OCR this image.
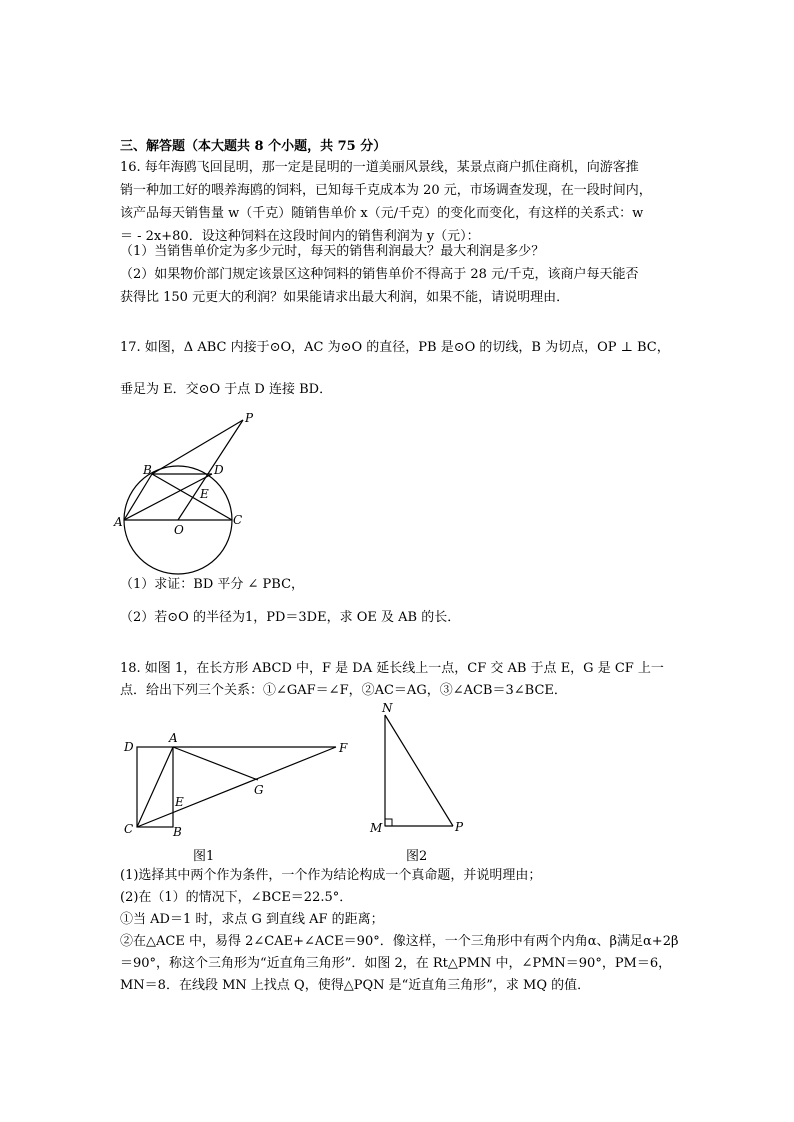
三、解答题（本大题共 8 个小题，共 75 分）
16. 每年海鸥飞回昆明，那一定是昆明的一道美丽风景线，某景点商户抓住商机，向游客推
销一种加工好的喂养海鸥的饲料，已知每千克成本为 20 元，市场调查发现，在一段时间内，
该产品每天销售量 w（千克）随销售单价 x（元/千克）的变化而变化，有这样的关系式：w
＝ - 2x+80．设这种饲料在这段时间内的销售利润为 y（元）：
（1）当销售单价定为多少元时，每天的销售利润最大？最大利润是多少？
（2）如果物价部门规定该景区这种饲料的销售单价不得高于 28 元/千克，该商户每天能否
获得比 150 元更大的利润？如果能请求出最大利润，如果不能，请说明理由．
17. 如图，Δ ABC 内接于⊙O，AC 为⊙O 的直径，PB 是⊙O 的切线，B 为切点，OP ⊥ BC，
垂足为 E．交⊙O 于点 D 连接 BD．
P
B	D
E
A
O
C
（1）求证：BD 平分 ∠ PBC，
（2）若⊙O 的半径为1，PD＝3DE，求 OE 及 AB 的长．
18. 如图 1，在长方形 ABCD 中，F 是 DA 延长线上一点，CF 交 AB 于点 E，G 是 CF 上一
点．给出下列三个关系：①∠GAF＝∠F，②AC＝AG，③∠ACB＝3∠BCE．
D
A
F
G
E
C	B
N
M	P
图1	图2
(1)选择其中两个作为条件，一个作为结论构成一个真命题，并说明理由；
(2)在（1）的情况下，∠BCE＝22.5°．
①当 AD＝1 时，求点 G 到直线 AF 的距离；
②在△ACE 中，易得 2∠CAE+∠ACE＝90°．像这样，一个三角形中有两个内角α、β满足α+2β
＝90°，称这个三角形为“近直角三角形”．如图 2，在 Rt△PMN 中，∠PMN＝90°，PM＝6，
MN＝8．在线段 MN 上找点 Q，使得△PQN 是“近直角三角形”，求 MQ 的值．
